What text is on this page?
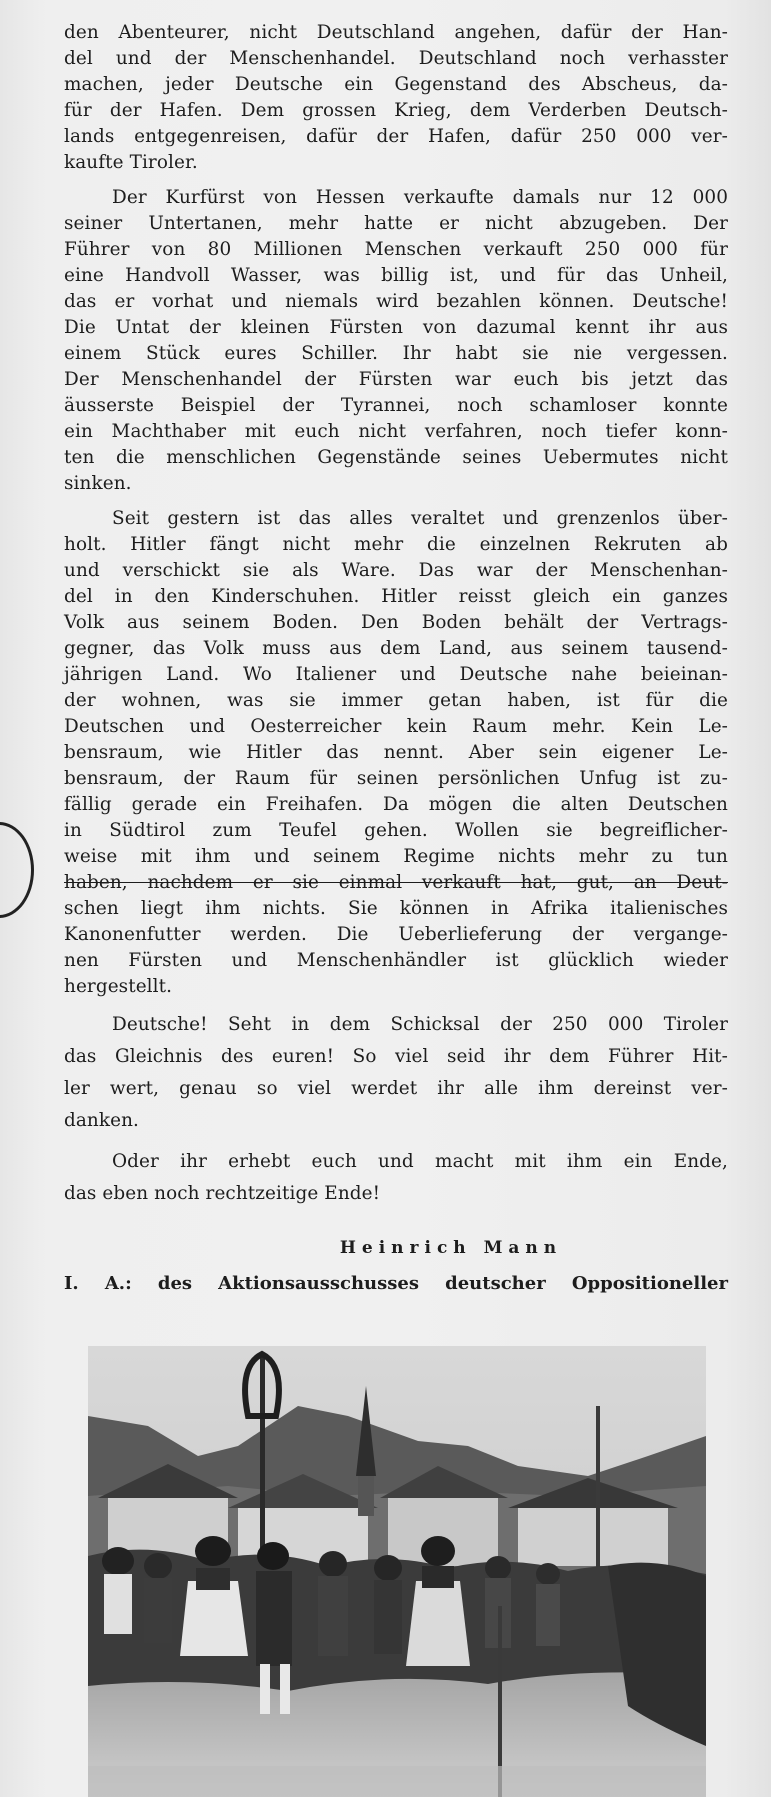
den Abenteurer, nicht Deutschland angehen, dafür der Han-
del und der Menschenhandel. Deutschland noch verhasster
machen, jeder Deutsche ein Gegenstand des Abscheus, da-
für der Hafen. Dem grossen Krieg, dem Verderben Deutsch-
lands entgegenreisen, dafür der Hafen, dafür 250 000 ver-
kaufte Tiroler.
Der Kurfürst von Hessen verkaufte damals nur 12 000
seiner Untertanen, mehr hatte er nicht abzugeben. Der
Führer von 80 Millionen Menschen verkauft 250 000 für
eine Handvoll Wasser, was billig ist, und für das Unheil,
das er vorhat und niemals wird bezahlen können. Deutsche!
Die Untat der kleinen Fürsten von dazumal kennt ihr aus
einem Stück eures Schiller. Ihr habt sie nie vergessen.
Der Menschenhandel der Fürsten war euch bis jetzt das
äusserste Beispiel der Tyrannei, noch schamloser konnte
ein Machthaber mit euch nicht verfahren, noch tiefer konn-
ten die menschlichen Gegenstände seines Uebermutes nicht
sinken.
Seit gestern ist das alles veraltet und grenzenlos über-
holt. Hitler fängt nicht mehr die einzelnen Rekruten ab
und verschickt sie als Ware. Das war der Menschenhan-
del in den Kinderschuhen. Hitler reisst gleich ein ganzes
Volk aus seinem Boden. Den Boden behält der Vertrags-
gegner, das Volk muss aus dem Land, aus seinem tausend-
jährigen Land. Wo Italiener und Deutsche nahe beieinan-
der wohnen, was sie immer getan haben, ist für die
Deutschen und Oesterreicher kein Raum mehr. Kein Le-
bensraum, wie Hitler das nennt. Aber sein eigener Le-
bensraum, der Raum für seinen persönlichen Unfug ist zu-
fällig gerade ein Freihafen. Da mögen die alten Deutschen
in Südtirol zum Teufel gehen. Wollen sie begreiflicher-
weise mit ihm und seinem Regime nichts mehr zu tun
haben, nachdem er sie einmal verkauft hat, gut, an Deut-
schen liegt ihm nichts. Sie können in Afrika italienisches
Kanonenfutter werden. Die Ueberlieferung der vergange-
nen Fürsten und Menschenhändler ist glücklich wieder
hergestellt.
Deutsche! Seht in dem Schicksal der 250 000 Tiroler
das Gleichnis des euren! So viel seid ihr dem Führer Hit-
ler wert, genau so viel werdet ihr alle ihm dereinst ver-
danken.
Oder ihr erhebt euch und macht mit ihm ein Ende,
das eben noch rechtzeitige Ende!
Heinrich Mann
I. A.: des Aktionsausschusses deutscher Oppositioneller
